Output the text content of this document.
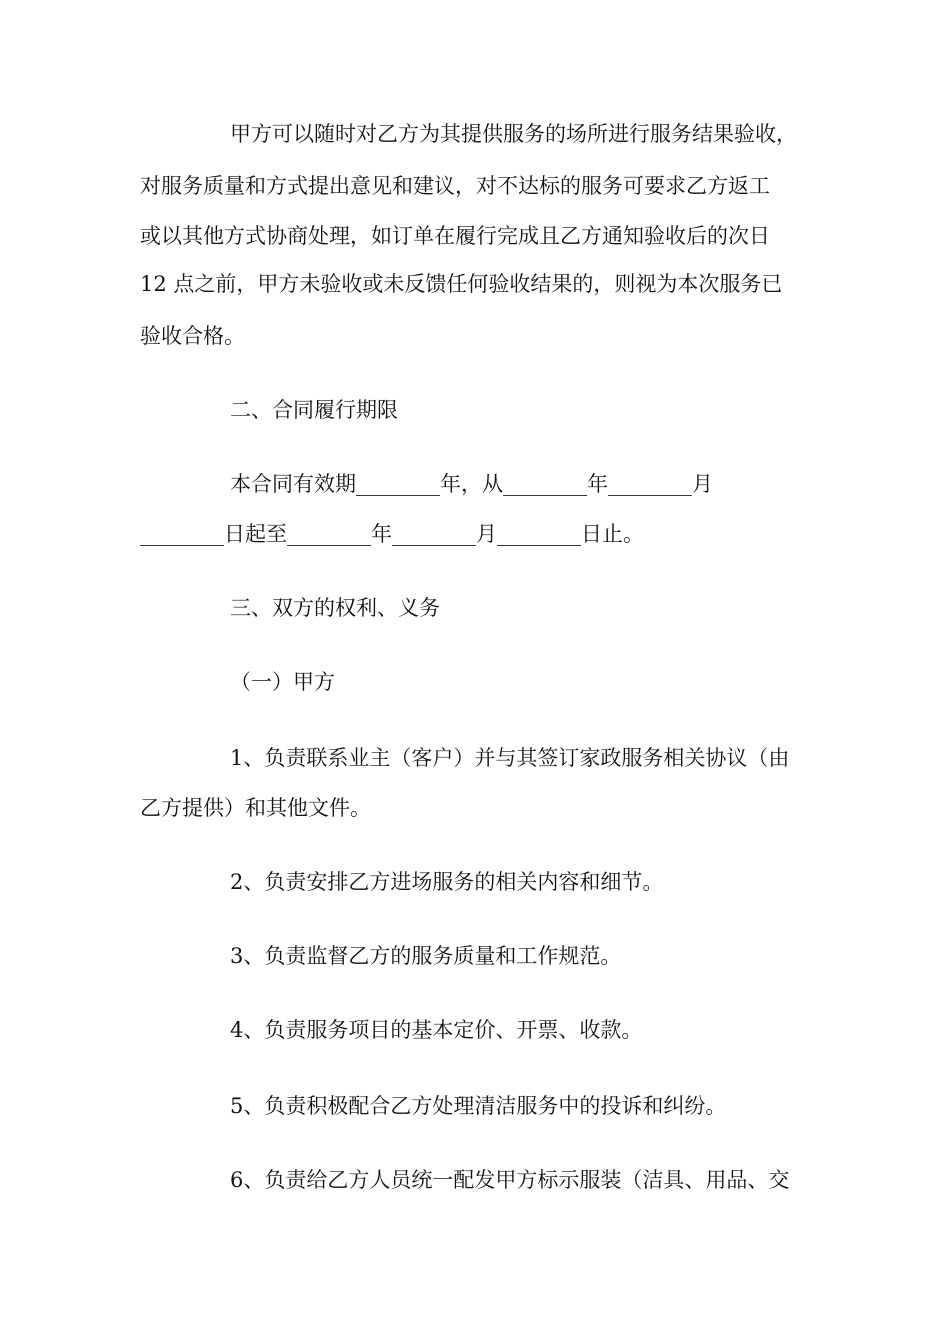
甲方可以随时对乙方为其提供服务的场所进行服务结果验收，
对服务质量和方式提出意见和建议，对不达标的服务可要求乙方返工
或以其他方式协商处理，如订单在履行完成且乙方通知验收后的次日
12 点之前，甲方未验收或未反馈任何验收结果的，则视为本次服务已
验收合格。
二、合同履行期限
本合同有效期________年，从________年________月
________日起至________年________月________日止。
三、双方的权利、义务
（一）甲方
1、负责联系业主（客户）并与其签订家政服务相关协议（由
乙方提供）和其他文件。
2、负责安排乙方进场服务的相关内容和细节。
3、负责监督乙方的服务质量和工作规范。
4、负责服务项目的基本定价、开票、收款。
5、负责积极配合乙方处理清洁服务中的投诉和纠纷。
6、负责给乙方人员统一配发甲方标示服装（洁具、用品、交
